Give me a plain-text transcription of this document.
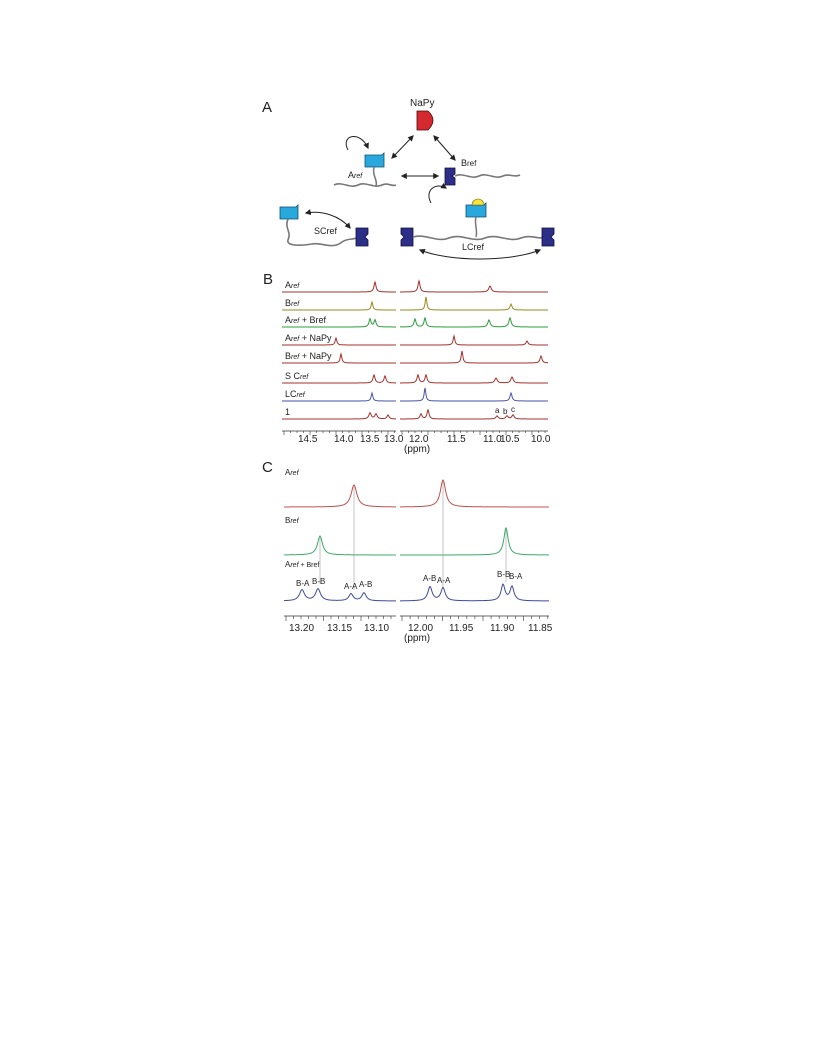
A	NaPy
Aref
Bref
SCref
LCref
B Aref
Bref
Aref + Bref
Aref + NaPy
Bref + NaPy
S Cref
LCref
1	a b c
14.5 14.0 13.5 13.0 12.0 11.5 11.0
10.5 10.0
(ppm)
C Aref
Bref
Aref + Bref
B-A B-B
A-A A-B
A-B A-A
B-B
B-A
13.20 13.15 13.10 12.00 11.95 11.90 11.85
(ppm)
